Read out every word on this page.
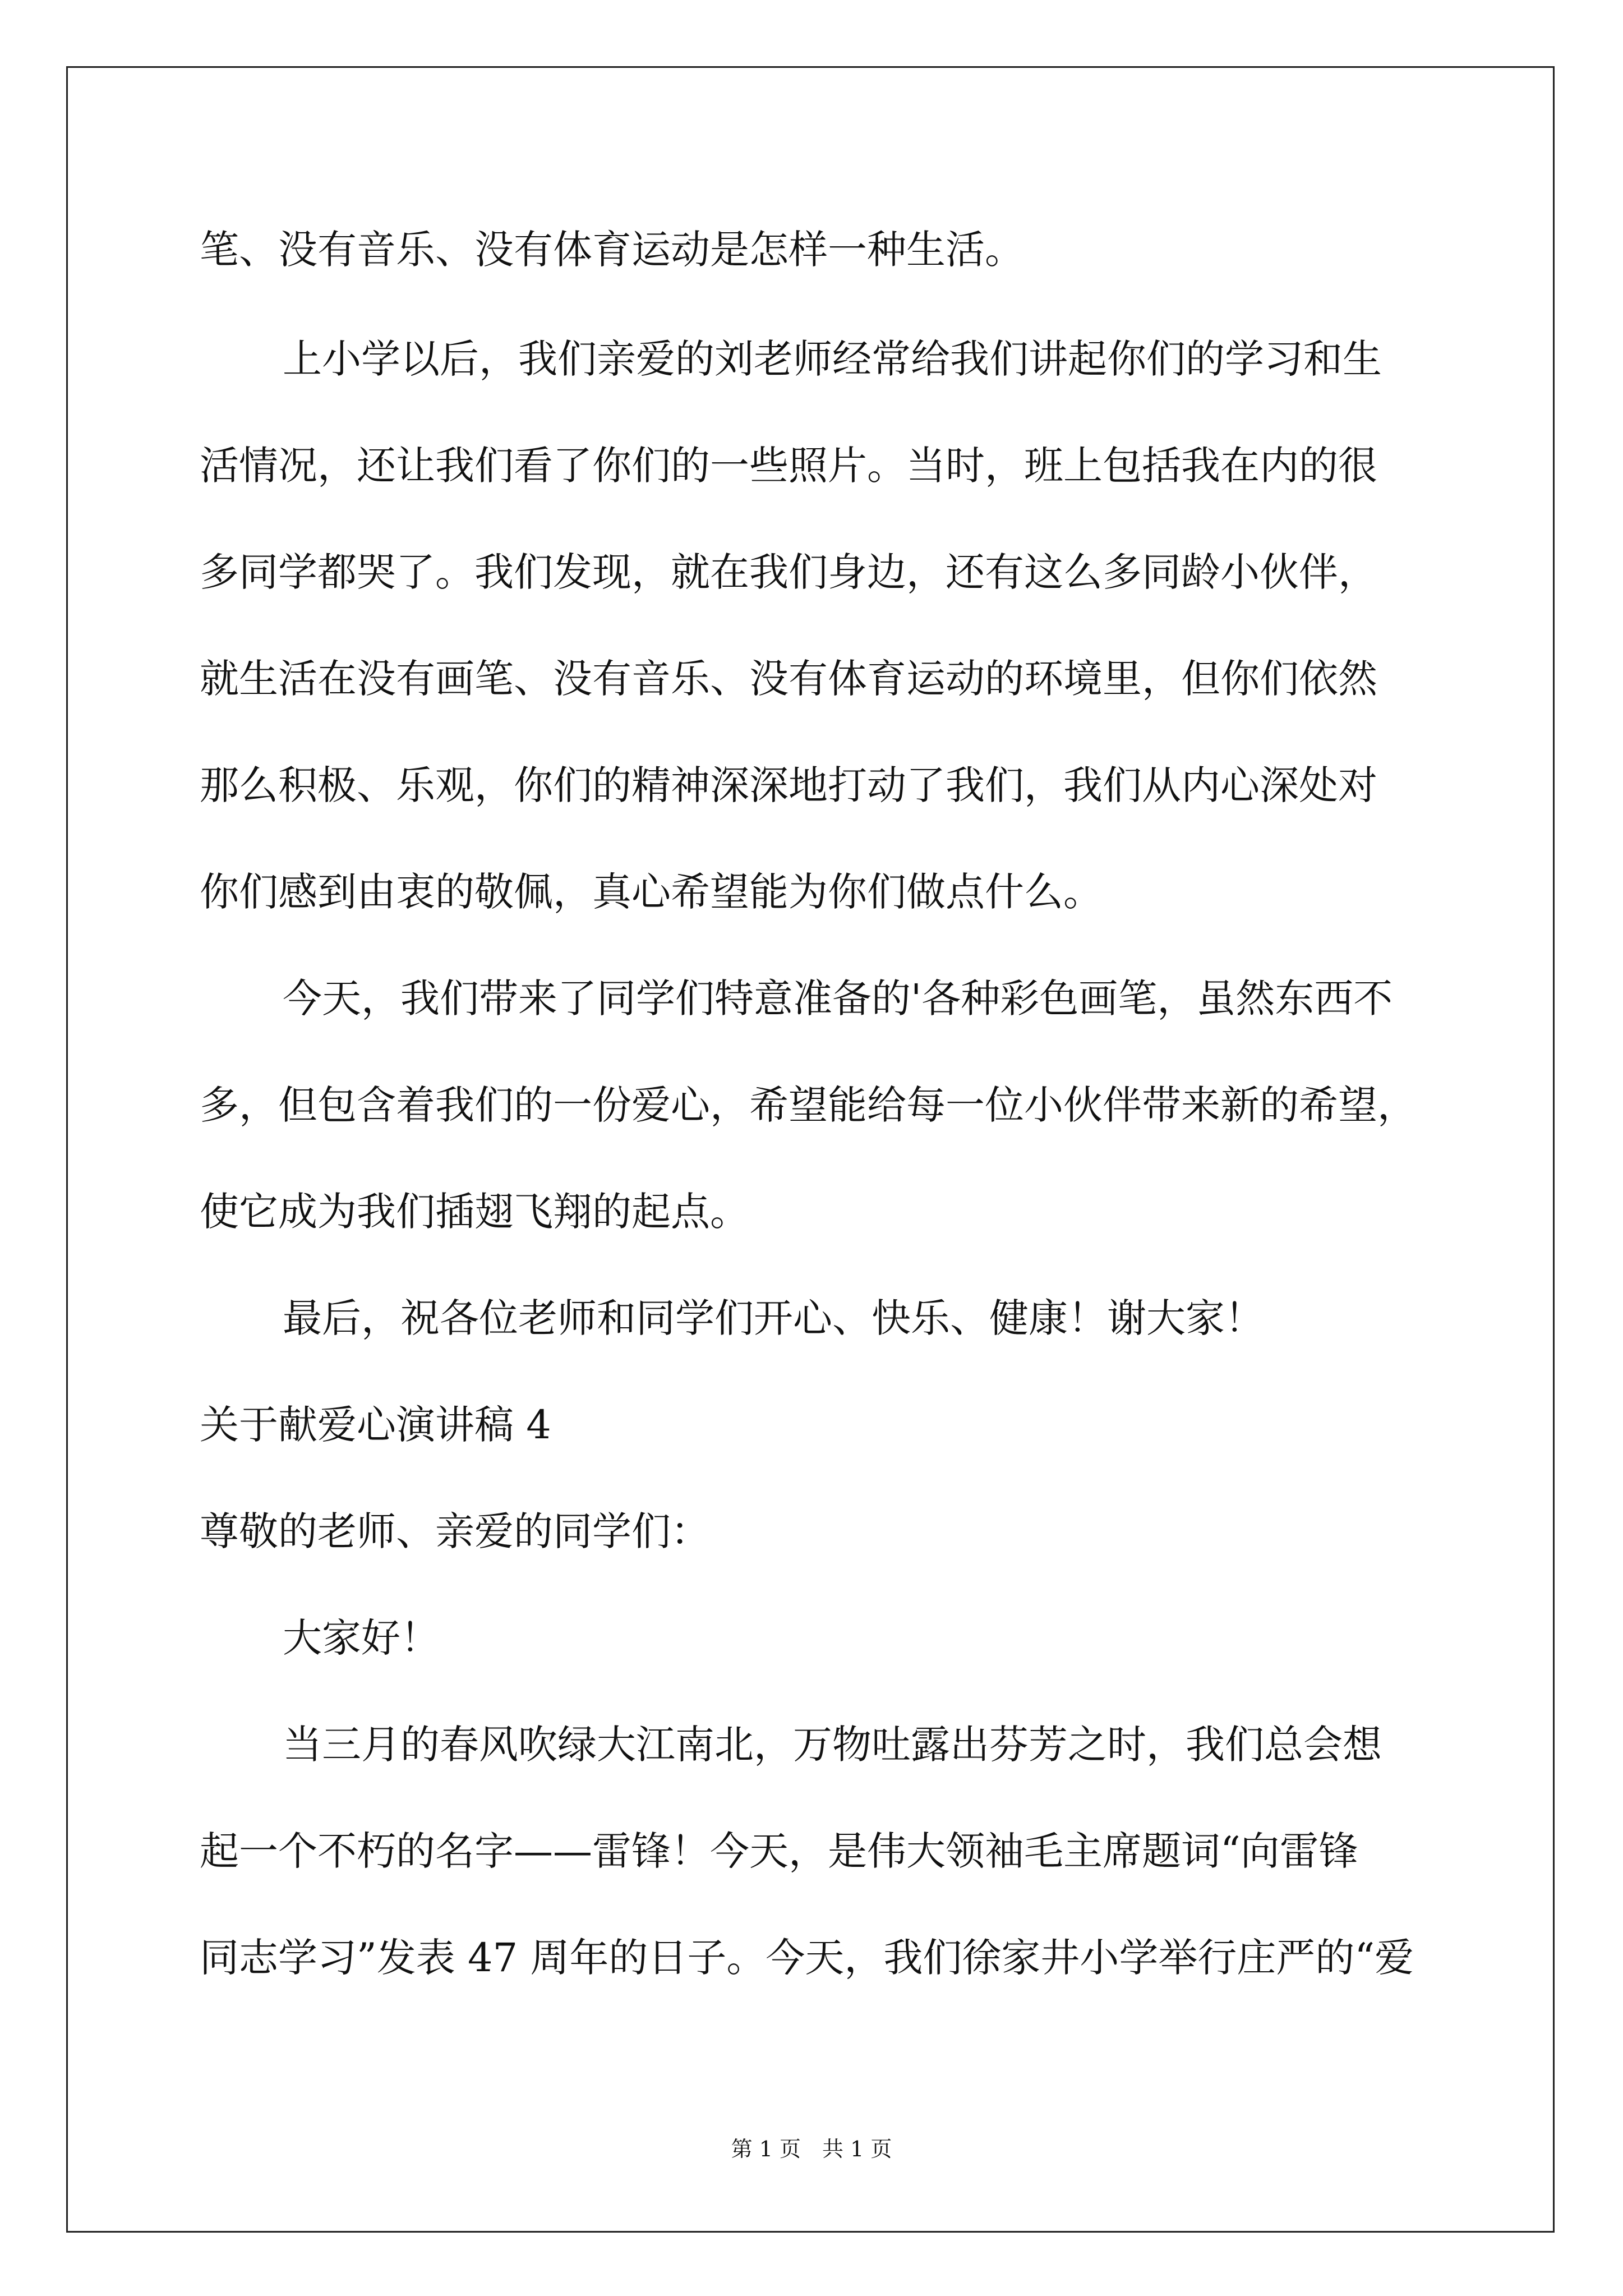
笔、没有音乐、没有体育运动是怎样一种生活。
上小学以后，我们亲爱的刘老师经常给我们讲起你们的学习和生
活情况，还让我们看了你们的一些照片。当时，班上包括我在内的很
多同学都哭了。我们发现，就在我们身边，还有这么多同龄小伙伴，
就生活在没有画笔、没有音乐、没有体育运动的环境里，但你们依然
那么积极、乐观，你们的精神深深地打动了我们，我们从内心深处对
你们感到由衷的敬佩，真心希望能为你们做点什么。
今天，我们带来了同学们特意准备的'各种彩色画笔，虽然东西不
多，但包含着我们的一份爱心，希望能给每一位小伙伴带来新的希望，
使它成为我们插翅飞翔的起点。
最后，祝各位老师和同学们开心、快乐、健康！谢大家！
关于献爱心演讲稿 4
尊敬的老师、亲爱的同学们：
大家好！
当三月的春风吹绿大江南北，万物吐露出芬芳之时，我们总会想
起一个不朽的名字——雷锋！今天，是伟大领袖毛主席题词“向雷锋
同志学习”发表 47 周年的日子。今天，我们徐家井小学举行庄严的“爱
第 1 页　共 1 页
